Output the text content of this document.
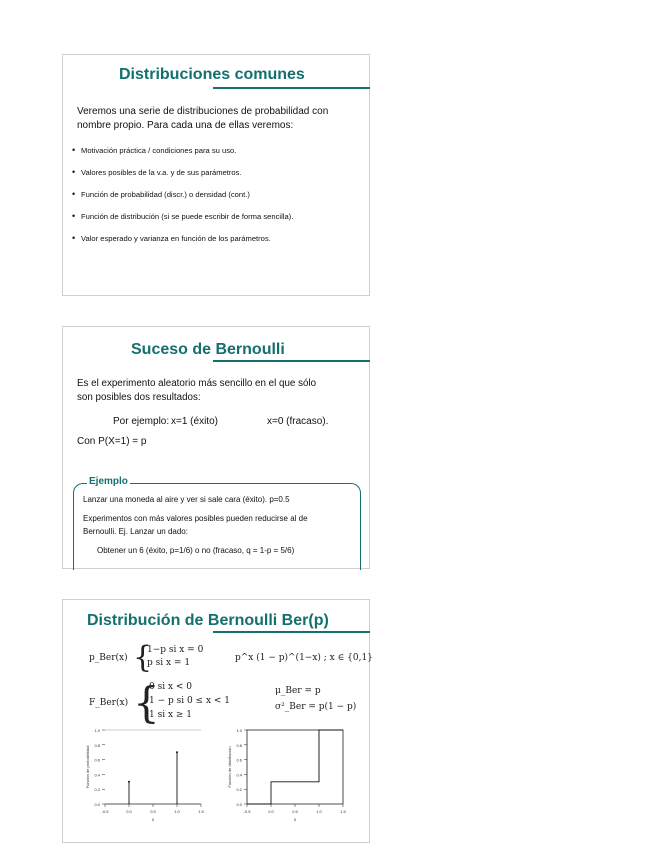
Distribuciones comunes
Veremos una serie de distribuciones de probabilidad con
nombre propio. Para cada una de ellas veremos:
• Motivación práctica / condiciones para su uso.
• Valores posibles de la v.a. y de sus parámetros.
• Función de probabilidad (discr.) o densidad (cont.)
• Función de distribución (si se puede escribir de forma sencilla).
• Valor esperado y varianza en función de los parámetros.
Suceso de Bernoulli
Es el experimento aleatorio más sencillo en el que sólo
son posibles dos resultados:
Por ejemplo: x=1 (éxito)	x=0 (fracaso).
Con P(X=1) = p
Ejemplo
Lanzar una moneda al aire y ver si sale cara (éxito). p=0.5
Experimentos con más valores posibles pueden reducirse al de
Bernoulli. Ej. Lanzar un dado:
Obtener un 6 (éxito, p=1/6) o no (fracaso, q = 1-p = 5/6)
Distribución de Bernoulli Ber(p)
p_Ber(x) {
1−p si x = 0
p si x = 1	p^x (1 − p)^(1−x) ; x ∈ {0,1}
F_Ber(x) {
0 si x < 0
1 − p si 0 ≤ x < 1
1 si x ≥ 1
μ_Ber = p
σ²_Ber = p(1 − p)
0.0
0.2
0.4
0.6
0.8
1.0
-0.5	0.0	0.5	1.0	1.5
x
Función de probabilidad
0.0
0.2
0.4
0.6
0.8
1.0
-0.5	0.0	0.5	1.0	1.5
x
Función de distribución
